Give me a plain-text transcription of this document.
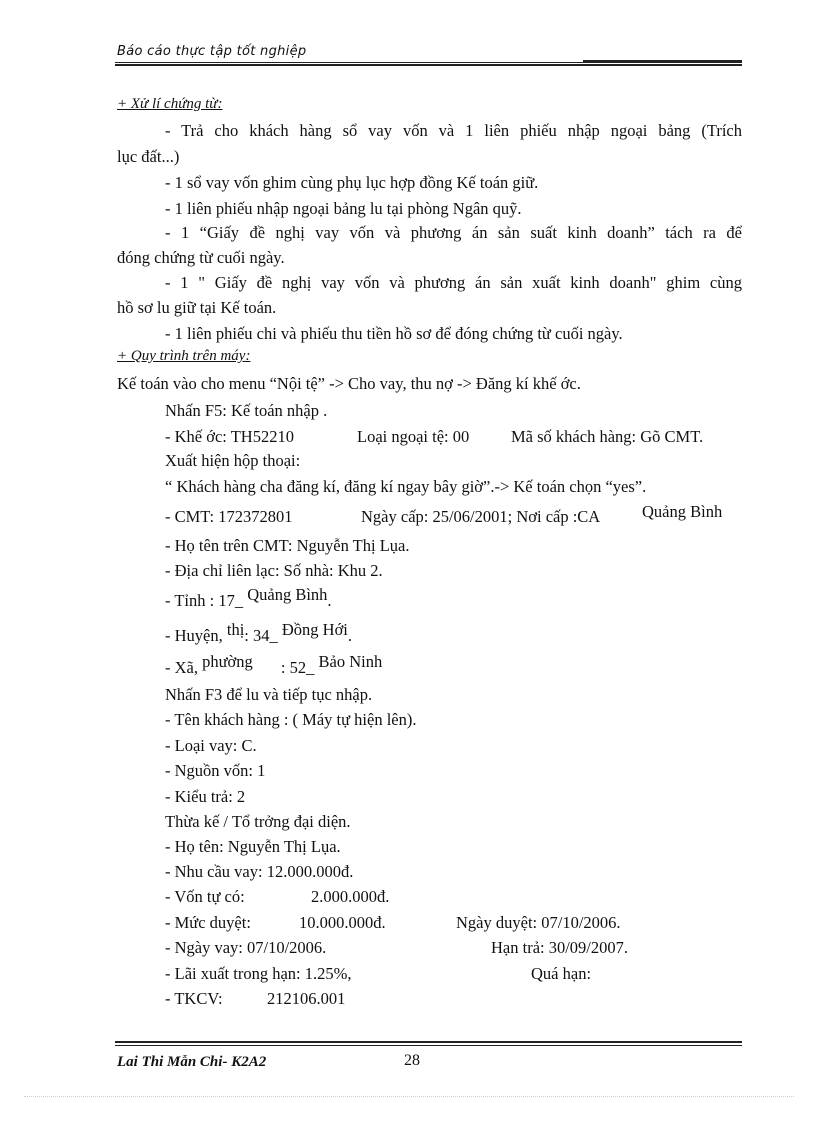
Báo cáo thực tập tốt nghiệp
+ Xử lí chứng từ:
- Trả cho khách hàng sổ vay vốn và 1 liên phiếu nhập ngoại bảng (Trích
lục đất...)
- 1 sổ vay vốn ghim cùng phụ lục hợp đồng Kế toán giữ.
- 1 liên phiếu nhập ngoại bảng lu tại phòng Ngân quỹ.
- 1 “Giấy đề nghị vay vốn và phương án sản suất kinh doanh” tách ra để
đóng chứng từ cuối ngày.
- 1 " Giấy đề nghị vay vốn và phương án sản xuất kinh doanh" ghim cùng
hồ sơ lu giữ tại Kế toán.
- 1 liên phiếu chi và phiếu thu tiền hồ sơ để đóng chứng từ cuối ngày.
+ Quy trình trên máy:
Kế toán vào cho menu “Nội tệ” -> Cho vay, thu nợ -> Đăng kí khế ớc.
Nhấn F5: Kế toán nhập .
- Khế ớc: TH52210	Loại ngoại tệ: 00	Mã số khách hàng: Gõ CMT.
Xuất hiện hộp thoại:
“ Khách hàng cha đăng kí, đăng kí ngay bây giờ”.-> Kế toán chọn “yes”.
- CMT: 172372801	Ngày cấp: 25/06/2001; Nơi cấp :CA	Quảng Bình
- Họ tên trên CMT: Nguyễn Thị Lụa.
- Địa chỉ liên lạc: Số nhà: Khu 2.
- Tỉnh : 17_ Quảng Bình.
- Huyện, thị: 34_ Đồng Hới.
- Xã, phường : 52_ Bảo Ninh
Nhấn F3 để lu và tiếp tục nhập.
- Tên khách hàng : ( Máy tự hiện lên).
- Loại vay: C.
- Nguồn vốn: 1
- Kiểu trả: 2
Thừa kế / Tổ trởng đại diện.
- Họ tên: Nguyễn Thị Lụa.
- Nhu cầu vay: 12.000.000đ.
- Vốn tự có:	2.000.000đ.
- Mức duyệt:	10.000.000đ.	Ngày duyệt: 07/10/2006.
- Ngày vay: 07/10/2006.	Hạn trả: 30/09/2007.
- Lãi xuất trong hạn: 1.25%,	Quá hạn:
- TKCV:	212106.001
Lai Thi Mẫn Chi- K2A2	28
